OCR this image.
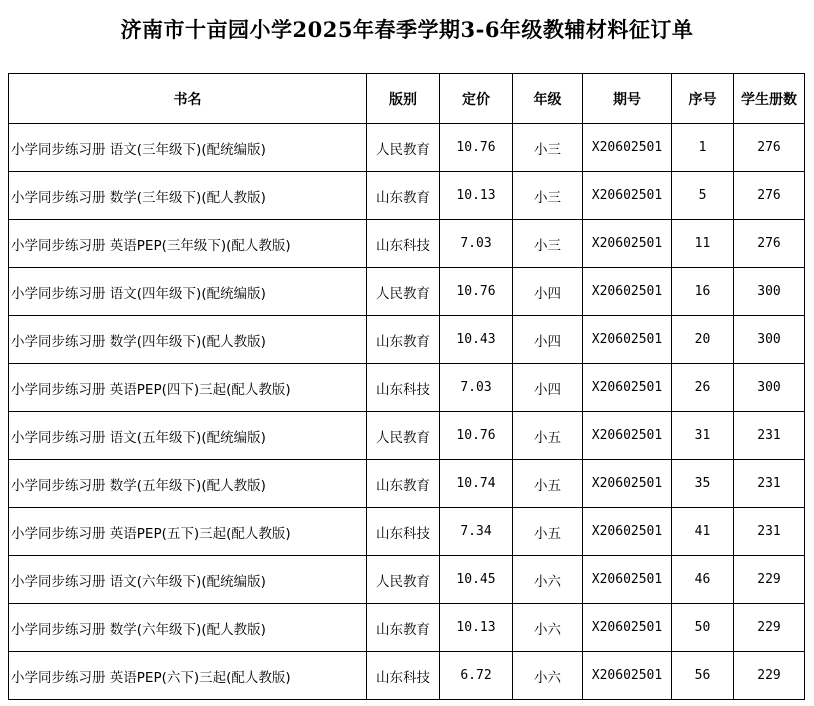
济南市十亩园小学2025年春季学期3-6年级教辅材料征订单
书名	版别	定价	年级	期号	序号	学生册数
小学同步练习册 语文(三年级下)(配统编版)	人民教育	10.76	小三	X20602501	1	276
小学同步练习册 数学(三年级下)(配人教版)	山东教育	10.13	小三	X20602501	5	276
小学同步练习册 英语PEP(三年级下)(配人教版)	山东科技	7.03	小三	X20602501	11	276
小学同步练习册 语文(四年级下)(配统编版)	人民教育	10.76	小四	X20602501	16	300
小学同步练习册 数学(四年级下)(配人教版)	山东教育	10.43	小四	X20602501	20	300
小学同步练习册 英语PEP(四下)三起(配人教版)	山东科技	7.03	小四	X20602501	26	300
小学同步练习册 语文(五年级下)(配统编版)	人民教育	10.76	小五	X20602501	31	231
小学同步练习册 数学(五年级下)(配人教版)	山东教育	10.74	小五	X20602501	35	231
小学同步练习册 英语PEP(五下)三起(配人教版)	山东科技	7.34	小五	X20602501	41	231
小学同步练习册 语文(六年级下)(配统编版)	人民教育	10.45	小六	X20602501	46	229
小学同步练习册 数学(六年级下)(配人教版)	山东教育	10.13	小六	X20602501	50	229
小学同步练习册 英语PEP(六下)三起(配人教版)	山东科技	6.72	小六	X20602501	56	229
